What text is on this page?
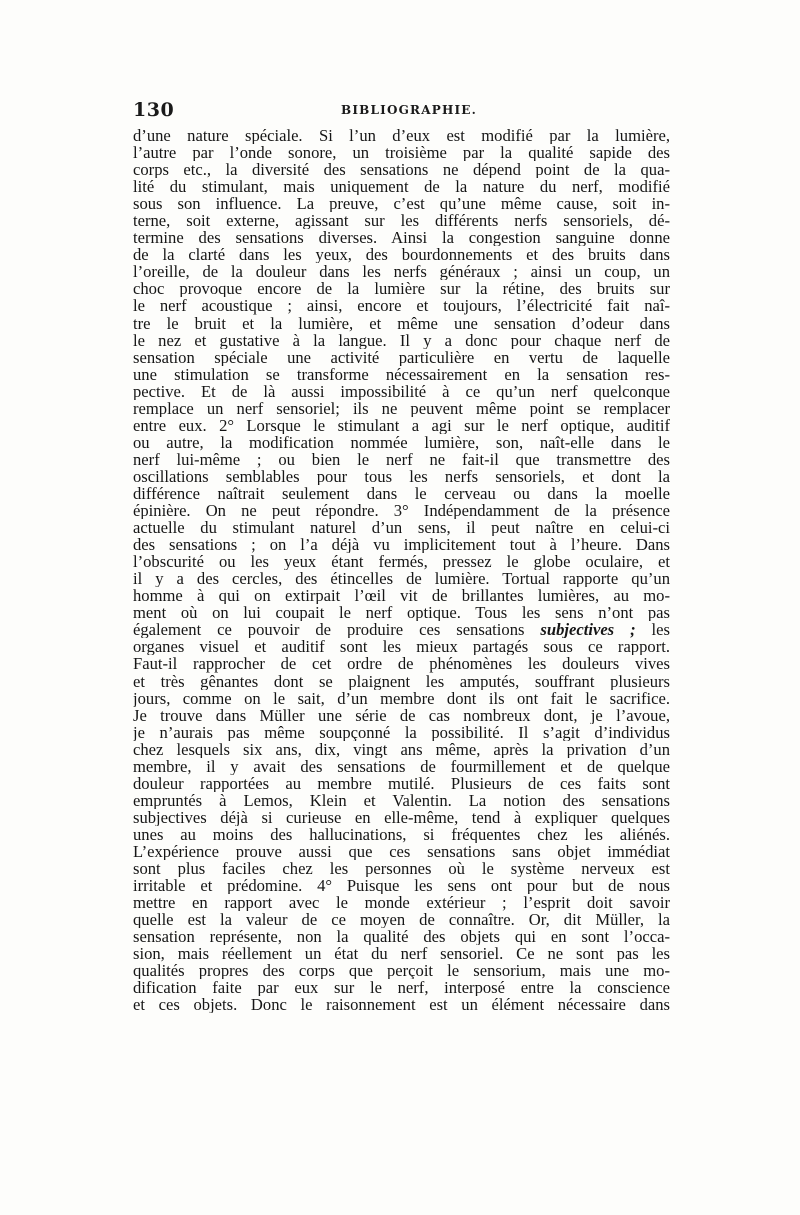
130	BIBLIOGRAPHIE.
d’une nature spéciale. Si l’un d’eux est modifié par la lumière,
l’autre par l’onde sonore, un troisième par la qualité sapide des
corps etc., la diversité des sensations ne dépend point de la qua-
lité du stimulant, mais uniquement de la nature du nerf, modifié
sous son influence. La preuve, c’est qu’une même cause, soit in-
terne, soit externe, agissant sur les différents nerfs sensoriels, dé-
termine des sensations diverses. Ainsi la congestion sanguine donne
de la clarté dans les yeux, des bourdonnements et des bruits dans
l’oreille, de la douleur dans les nerfs généraux ; ainsi un coup, un
choc provoque encore de la lumière sur la rétine, des bruits sur
le nerf acoustique ; ainsi, encore et toujours, l’électricité fait naî-
tre le bruit et la lumière, et même une sensation d’odeur dans
le nez et gustative à la langue. Il y a donc pour chaque nerf de
sensation spéciale une activité particulière en vertu de laquelle
une stimulation se transforme nécessairement en la sensation res-
pective. Et de là aussi impossibilité à ce qu’un nerf quelconque
remplace un nerf sensoriel; ils ne peuvent même point se remplacer
entre eux. 2° Lorsque le stimulant a agi sur le nerf optique, auditif
ou autre, la modification nommée lumière, son, naît-elle dans le
nerf lui-même ; ou bien le nerf ne fait-il que transmettre des
oscillations semblables pour tous les nerfs sensoriels, et dont la
différence naîtrait seulement dans le cerveau ou dans la moelle
épinière. On ne peut répondre. 3° Indépendamment de la présence
actuelle du stimulant naturel d’un sens, il peut naître en celui-ci
des sensations ; on l’a déjà vu implicitement tout à l’heure. Dans
l’obscurité ou les yeux étant fermés, pressez le globe oculaire, et
il y a des cercles, des étincelles de lumière. Tortual rapporte qu’un
homme à qui on extirpait l’œil vit de brillantes lumières, au mo-
ment où on lui coupait le nerf optique. Tous les sens n’ont pas
également ce pouvoir de produire ces sensations subjectives ; les
organes visuel et auditif sont les mieux partagés sous ce rapport.
Faut-il rapprocher de cet ordre de phénomènes les douleurs vives
et très gênantes dont se plaignent les amputés, souffrant plusieurs
jours, comme on le sait, d’un membre dont ils ont fait le sacrifice.
Je trouve dans Müller une série de cas nombreux dont, je l’avoue,
je n’aurais pas même soupçonné la possibilité. Il s’agit d’individus
chez lesquels six ans, dix, vingt ans même, après la privation d’un
membre, il y avait des sensations de fourmillement et de quelque
douleur rapportées au membre mutilé. Plusieurs de ces faits sont
empruntés à Lemos, Klein et Valentin. La notion des sensations
subjectives déjà si curieuse en elle-même, tend à expliquer quelques
unes au moins des hallucinations, si fréquentes chez les aliénés.
L’expérience prouve aussi que ces sensations sans objet immédiat
sont plus faciles chez les personnes où le système nerveux est
irritable et prédomine. 4° Puisque les sens ont pour but de nous
mettre en rapport avec le monde extérieur ; l’esprit doit savoir
quelle est la valeur de ce moyen de connaître. Or, dit Müller, la
sensation représente, non la qualité des objets qui en sont l’occa-
sion, mais réellement un état du nerf sensoriel. Ce ne sont pas les
qualités propres des corps que perçoit le sensorium, mais une mo-
dification faite par eux sur le nerf, interposé entre la conscience
et ces objets. Donc le raisonnement est un élément nécessaire dans
